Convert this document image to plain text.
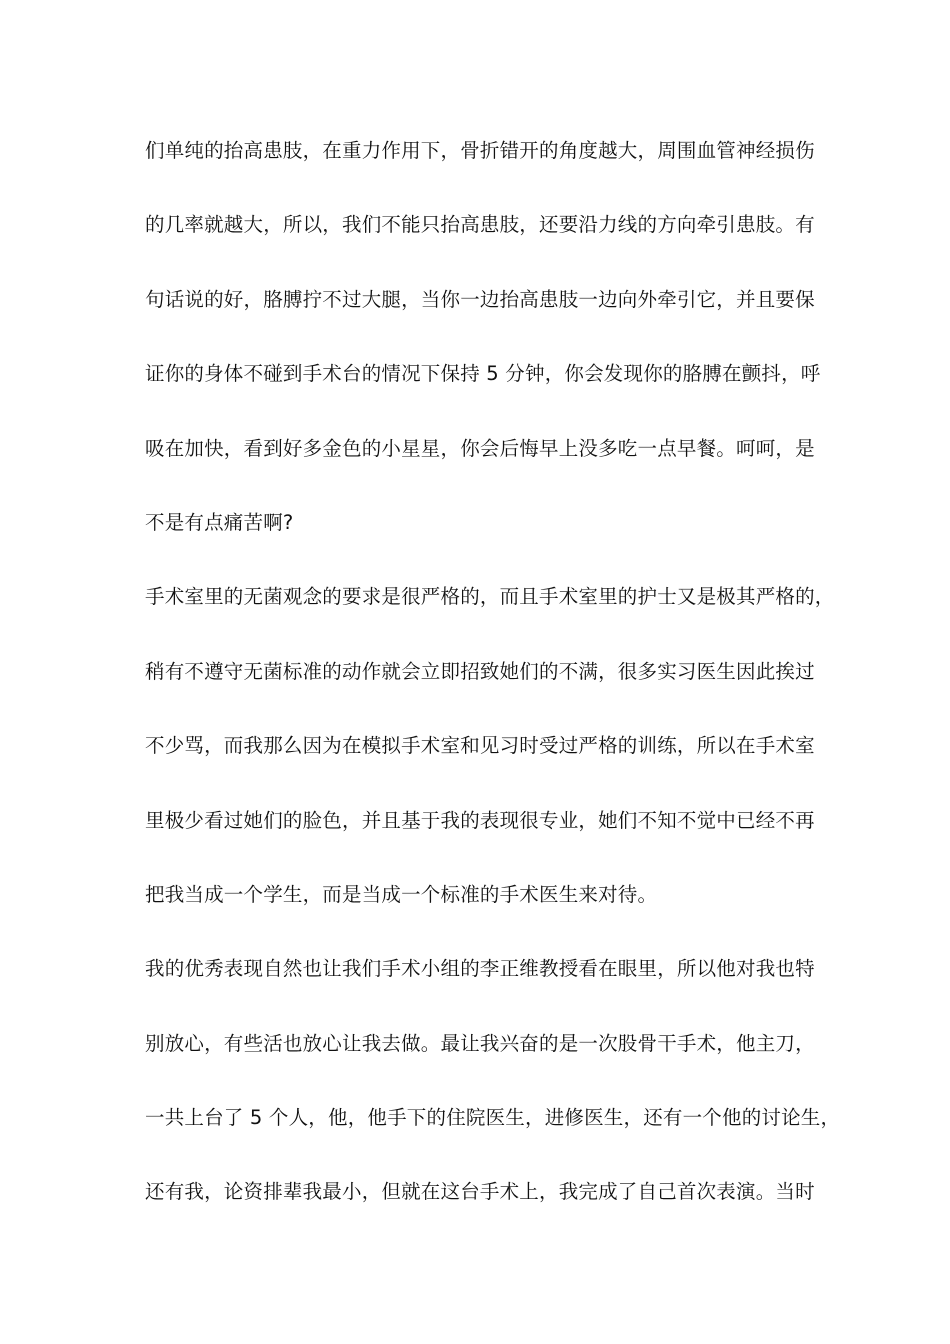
们单纯的抬高患肢，在重力作用下，骨折错开的角度越大，周围血管神经损伤
的几率就越大，所以，我们不能只抬高患肢，还要沿力线的方向牵引患肢。有
句话说的好，胳膊拧不过大腿，当你一边抬高患肢一边向外牵引它，并且要保
证你的身体不碰到手术台的情况下保持 5 分钟，你会发现你的胳膊在颤抖，呼
吸在加快，看到好多金色的小星星，你会后悔早上没多吃一点早餐。呵呵，是
不是有点痛苦啊?
手术室里的无菌观念的要求是很严格的，而且手术室里的护士又是极其严格的，
稍有不遵守无菌标准的动作就会立即招致她们的不满，很多实习医生因此挨过
不少骂，而我那么因为在模拟手术室和见习时受过严格的训练，所以在手术室
里极少看过她们的脸色，并且基于我的表现很专业，她们不知不觉中已经不再
把我当成一个学生，而是当成一个标准的手术医生来对待。
我的优秀表现自然也让我们手术小组的李正维教授看在眼里，所以他对我也特
别放心，有些活也放心让我去做。最让我兴奋的是一次股骨干手术，他主刀，
一共上台了 5 个人，他，他手下的住院医生，进修医生，还有一个他的讨论生，
还有我，论资排辈我最小，但就在这台手术上，我完成了自己首次表演。当时
